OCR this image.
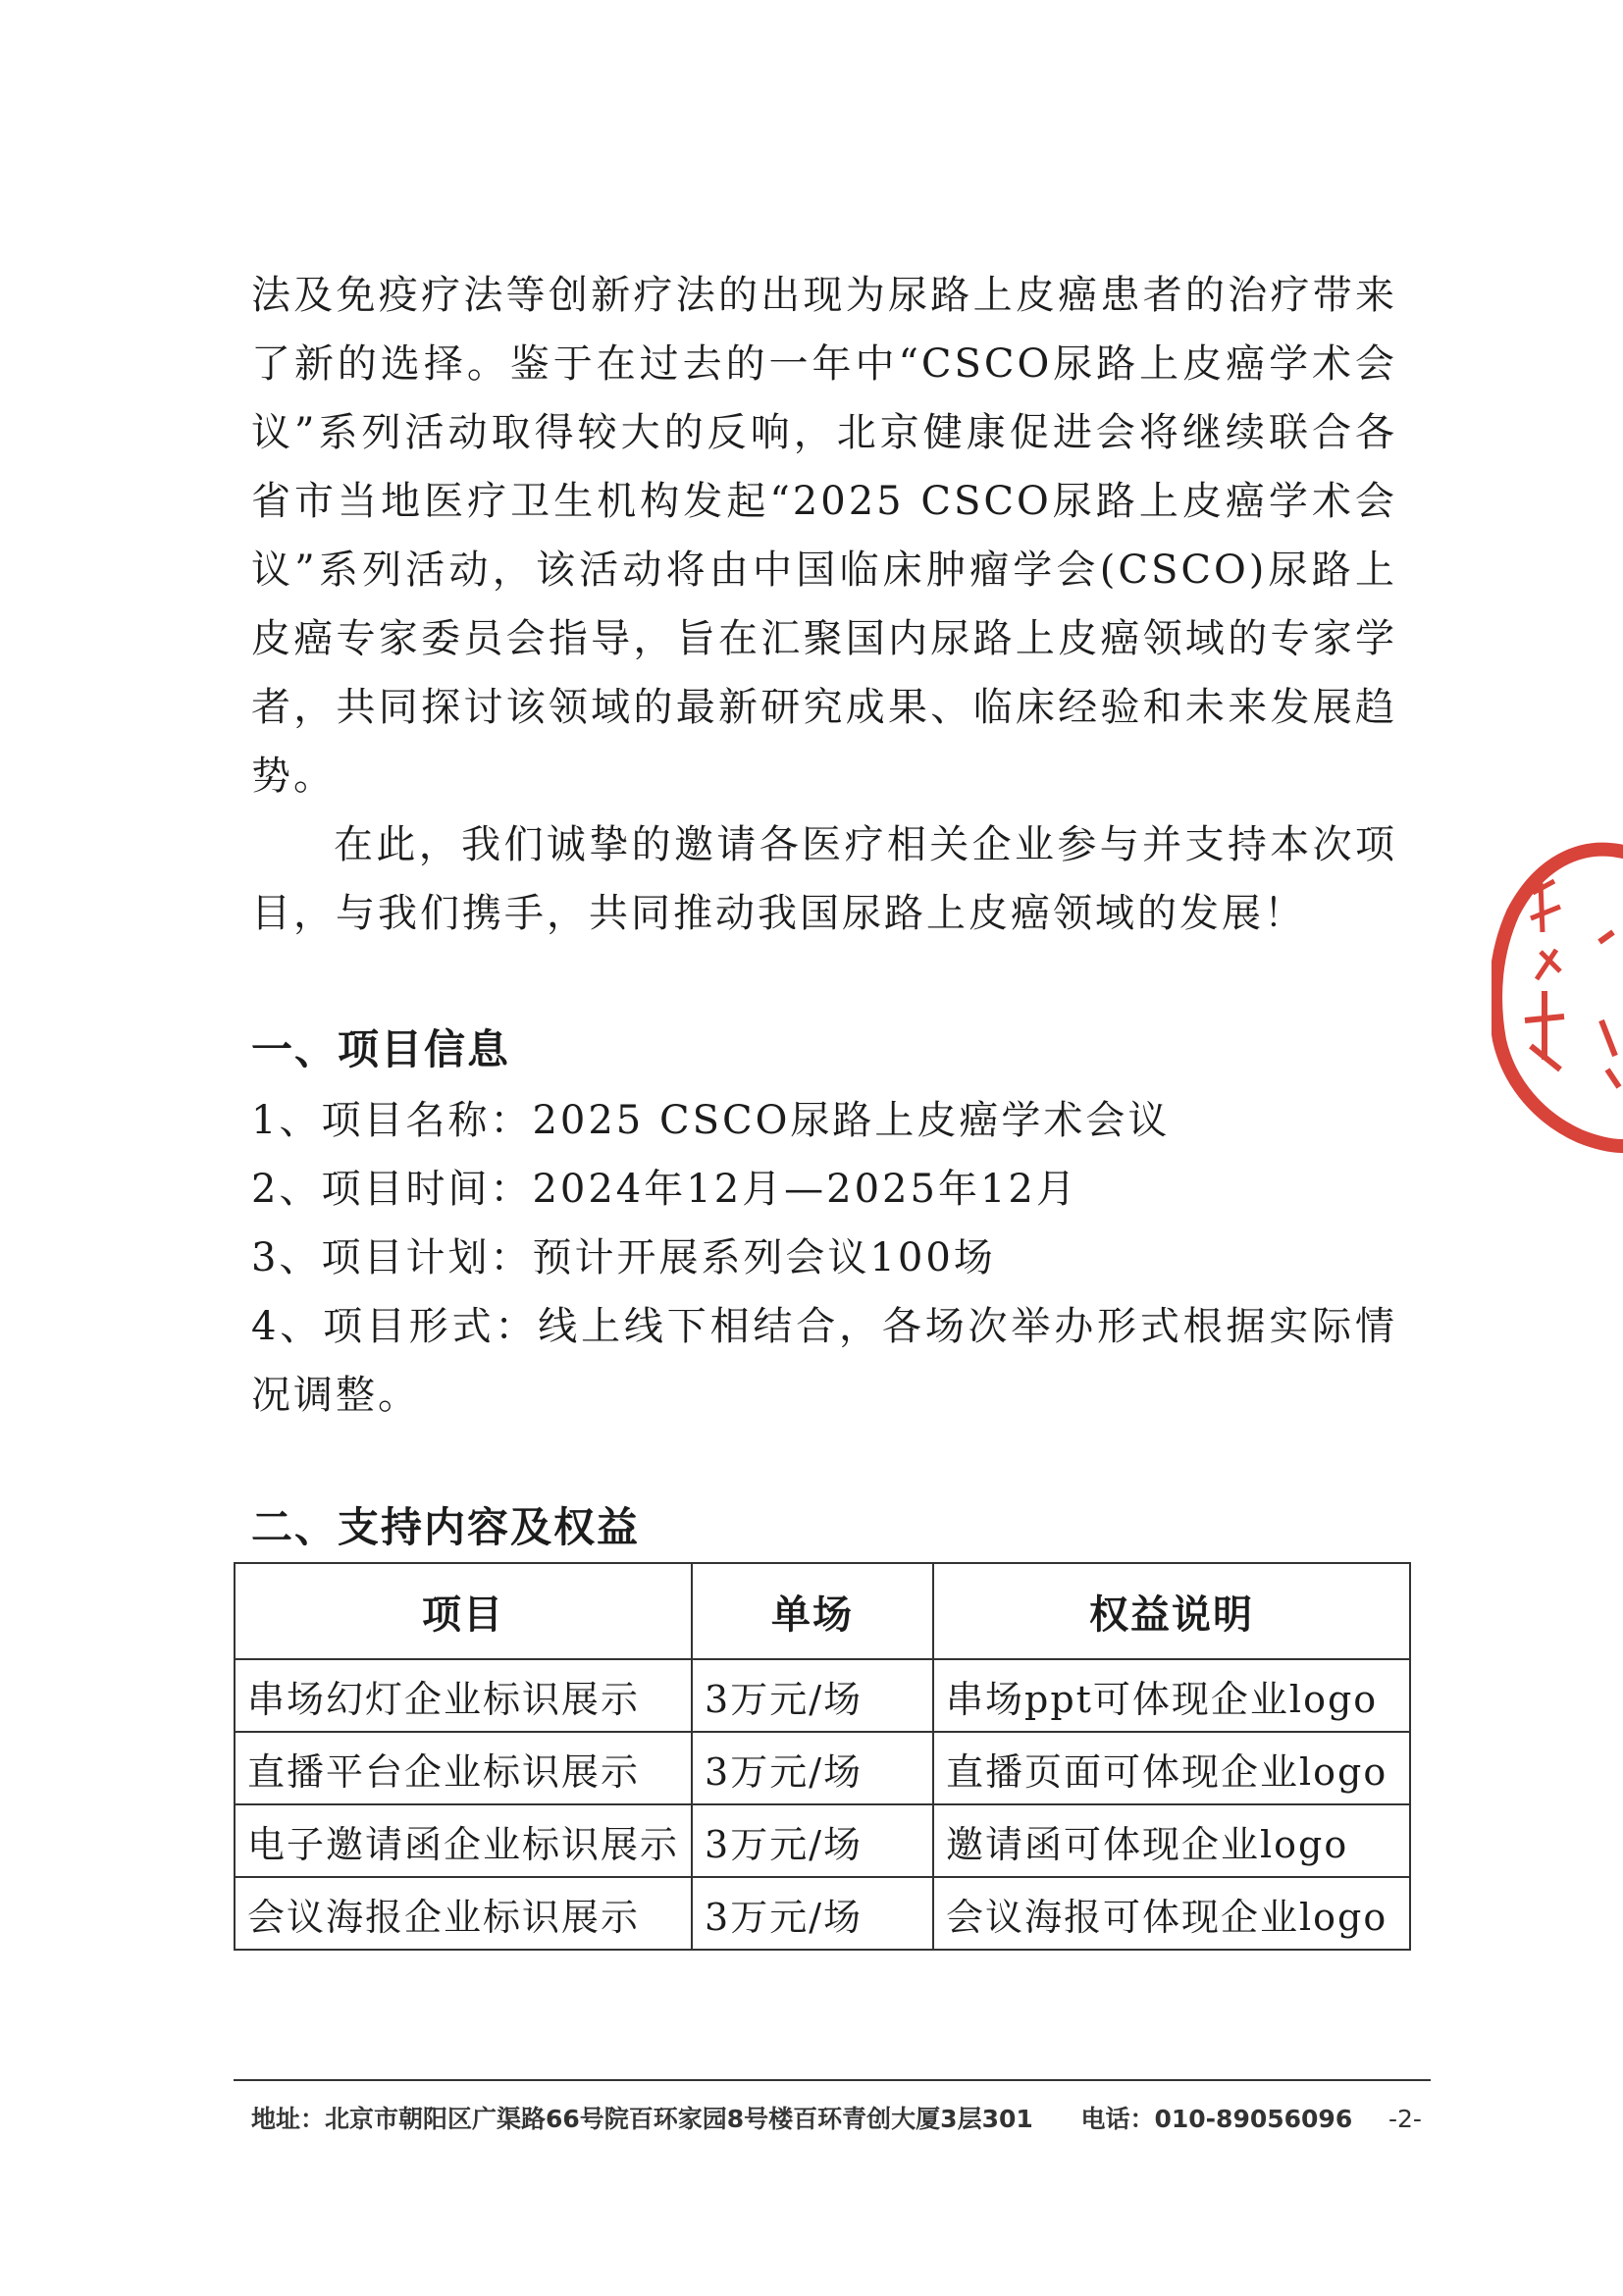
法及免疫疗法等创新疗法的出现为尿路上皮癌患者的治疗带来了新的选择。鉴于在过去的一年中“CSCO尿路上皮癌学术会议”系列活动取得较大的反响，北京健康促进会将继续联合各省市当地医疗卫生机构发起“2025 CSCO尿路上皮癌学术会议”系列活动，该活动将由中国临床肿瘤学会(CSCO)尿路上皮癌专家委员会指导，旨在汇聚国内尿路上皮癌领域的专家学者，共同探讨该领域的最新研究成果、临床经验和未来发展趋势。

在此，我们诚挚的邀请各医疗相关企业参与并支持本次项目，与我们携手，共同推动我国尿路上皮癌领域的发展！

一、项目信息
1、项目名称：2025 CSCO尿路上皮癌学术会议
2、项目时间：2024年12月—2025年12月
3、项目计划：预计开展系列会议100场
4、项目形式：线上线下相结合，各场次举办形式根据实际情况调整。
二、支持内容及权益
项目	单场	权益说明
串场幻灯企业标识展示	3万元/场	串场ppt可体现企业logo
直播平台企业标识展示	3万元/场	直播页面可体现企业logo
电子邀请函企业标识展示	3万元/场	邀请函可体现企业logo
会议海报企业标识展示	3万元/场	会议海报可体现企业logo
地址：北京市朝阳区广渠路66号院百环家园8号楼百环青创大厦3层301 电话：010-89056096 -2-
